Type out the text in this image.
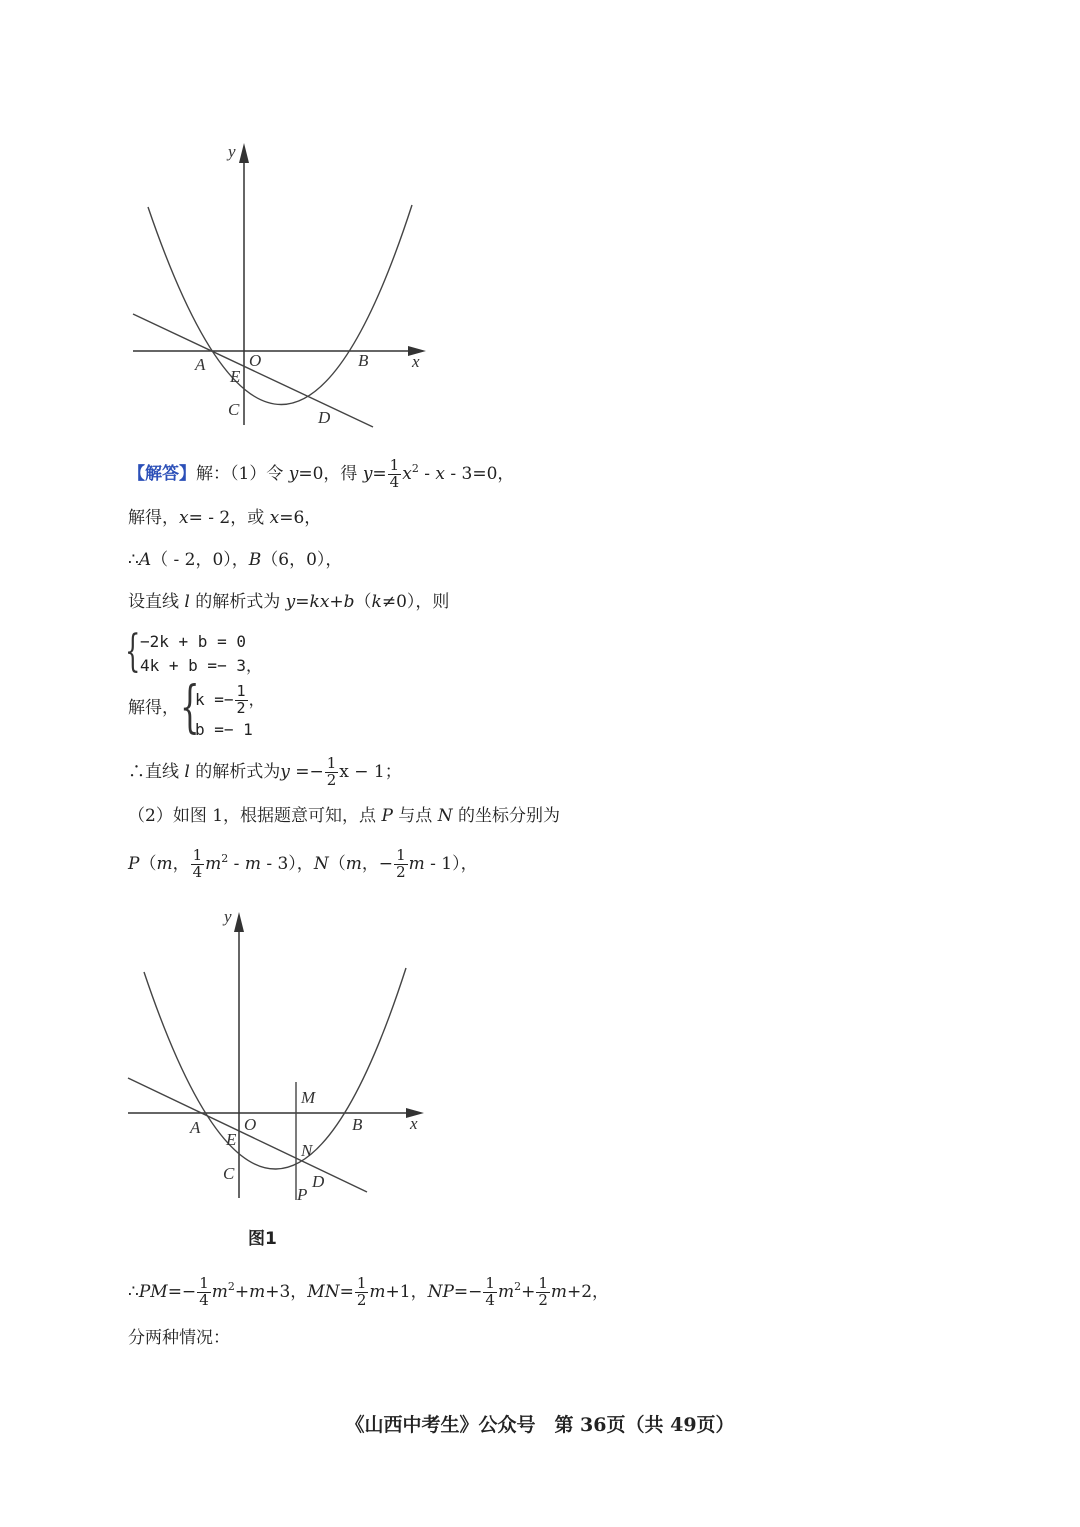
y
x
O
A	B
E
C	D
【解答】解：（1）令 y=0，得 $y= \frac{1}{4} x^2 - x - 3=0$，
解得，x= - 2，或 x=6，
∴A（ - 2，0），B（6，0），
设直线 l 的解析式为 y=kx+b（k≠0），则
{ −2k + b = 0
4k + b =− 3，
解得， {
$k =- \frac{1}{2}$ ，
b =− 1
∴直线 l 的解析式为$y =- \frac{1}{2}$ x − 1；
（2）如图 1，根据题意可知，点 P 与点 N 的坐标分别为
P（m， $\frac{1}{4} m^2$ - m - 3），N（m，− $\frac{1}{2}$ m - 1），
y
x
O
A	B
E
C	D
M
N
P
图1
∴PM=− $\frac{1}{4} m^2+m+3$，$MN= \frac{1}{2} m+1$，$NP=- \frac{1}{4} m^2+ \frac{1}{2} m+2$，
分两种情况：
《山西中考生》公众号　第 36页（共 49页）
